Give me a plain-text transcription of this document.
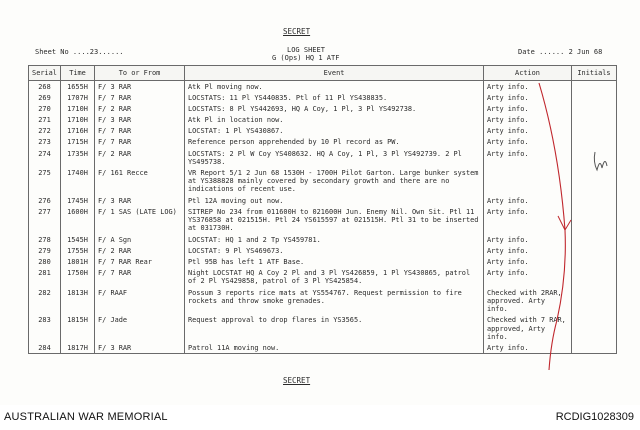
SECRET
Sheet No ....23......	LOG SHEET
G (Ops) HQ 1 ATF
Date ...... 2 Jun 68
Serial	Time	To or From	Event	Action	Initials
268	1655H	F/ 3 RAR	Atk Pl moving now.	Arty info.	
269	1707H	F/ 7 RAR	LOCSTATS: 11 Pl YS440835. Ptl of 11 Pl YS438835.	Arty info.	
270	1710H	F/ 2 RAR	LOCSTATS: 8 Pl YS442693, HQ A Coy, 1 Pl, 3 Pl YS492738.	Arty info.	
271	1710H	F/ 3 RAR	Atk Pl in location now.	Arty info.	
272	1716H	F/ 7 RAR	LOCSTAT: 1 Pl YS430867.	Arty info.	
273	1715H	F/ 7 RAR	Reference person apprehended by 10 Pl record as PW.	Arty info.	
274	1735H	F/ 2 RAR	LOCSTATS: 2 Pl W Coy YS408632. HQ A Coy, 1 Pl, 3 Pl YS492739. 2 Pl YS495738.	Arty info.	
275	1740H	F/ 161 Recce	VR Report 5/1 2 Jun 68 1530H - 1700H Pilot Garton. Large bunker system at YS388828 mainly covered by secondary growth and there are no indications of recent use.		
276	1745H	F/ 3 RAR	Ptl 12A moving out now.	Arty info.	
277	1600H	F/ 1 SAS (LATE LOG)	SITREP No 234 from 011600H to 021600H Jun. Enemy Nil. Own Sit. Ptl 11 YS376858 at 021515H. Ptl 24 YS615597 at 021515H. Ptl 31 to be inserted at 031730H.	Arty info.	
278	1545H	F/ A Sgn	LOCSTAT: HQ 1 and 2 Tp YS459781.	Arty info.	
279	1755H	F/ 2 RAR	LOCSTAT: 9 Pl YS469673.	Arty info.	
280	1801H	F/ 7 RAR Rear	Ptl 95B has left 1 ATF Base.	Arty info.	
281	1750H	F/ 7 RAR	Night LOCSTAT HQ A Coy 2 Pl and 3 Pl YS426859, 1 Pl YS430865, patrol of 2 Pl YS429858, patrol of 3 Pl YS425854.	Arty info.	
282	1813H	F/ RAAF	Possum 3 reports rice mats at YS554767. Request permission to fire rockets and throw smoke grenades.	Checked with 2RAR, approved. Arty info.	
283	1815H	F/ Jade	Request approval to drop flares in YS3565.	Checked with 7 RAR, approved, Arty info.	
284	1817H	F/ 3 RAR	Patrol 11A moving now.	Arty info.	
SECRET
AUSTRALIAN WAR MEMORIAL	RCDIG1028309
